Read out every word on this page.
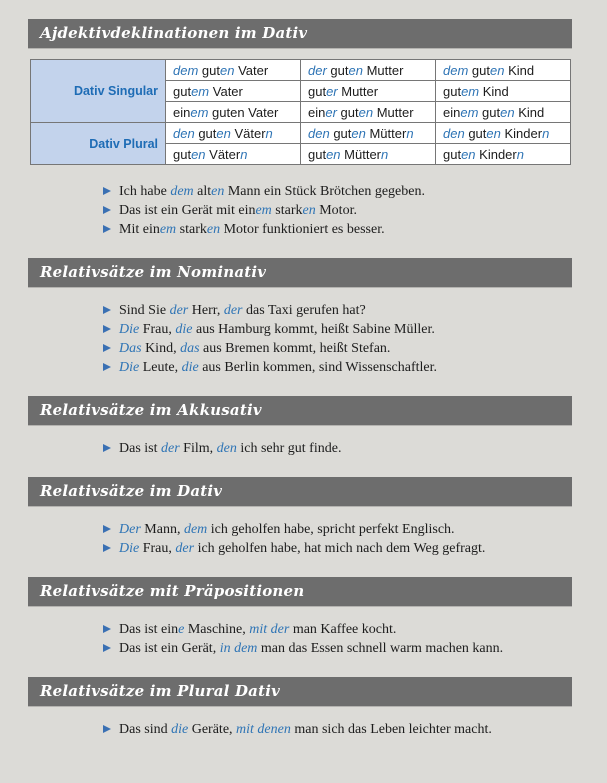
Ajdektivdeklinationen im Dativ
Dativ Singular	dem guten Vater	der guten Mutter	dem guten Kind
	gutem Vater	guter Mutter	gutem Kind
	einem guten Vater	einer guten Mutter	einem guten Kind
Dativ Plural	den guten Vätern	den guten Müttern	den guten Kindern
	guten Vätern	guten Müttern	guten Kindern
Ich habe dem alten Mann ein Stück Brötchen gegeben.
Das ist ein Gerät mit einem starken Motor.
Mit einem starken Motor funktioniert es besser.
Relativsätze im Nominativ
Sind Sie der Herr, der das Taxi gerufen hat?
Die Frau, die aus Hamburg kommt, heißt Sabine Müller.
Das Kind, das aus Bremen kommt, heißt Stefan.
Die Leute, die aus Berlin kommen, sind Wissenschaftler.
Relativsätze im Akkusativ
Das ist der Film, den ich sehr gut finde.
Relativsätze im Dativ
Der Mann, dem ich geholfen habe, spricht perfekt Englisch.
Die Frau, der ich geholfen habe, hat mich nach dem Weg gefragt.
Relativsätze mit Präpositionen
Das ist eine Maschine, mit der man Kaffee kocht.
Das ist ein Gerät, in dem man das Essen schnell warm machen kann.
Relativsätze im Plural Dativ
Das sind die Geräte, mit denen man sich das Leben leichter macht.
